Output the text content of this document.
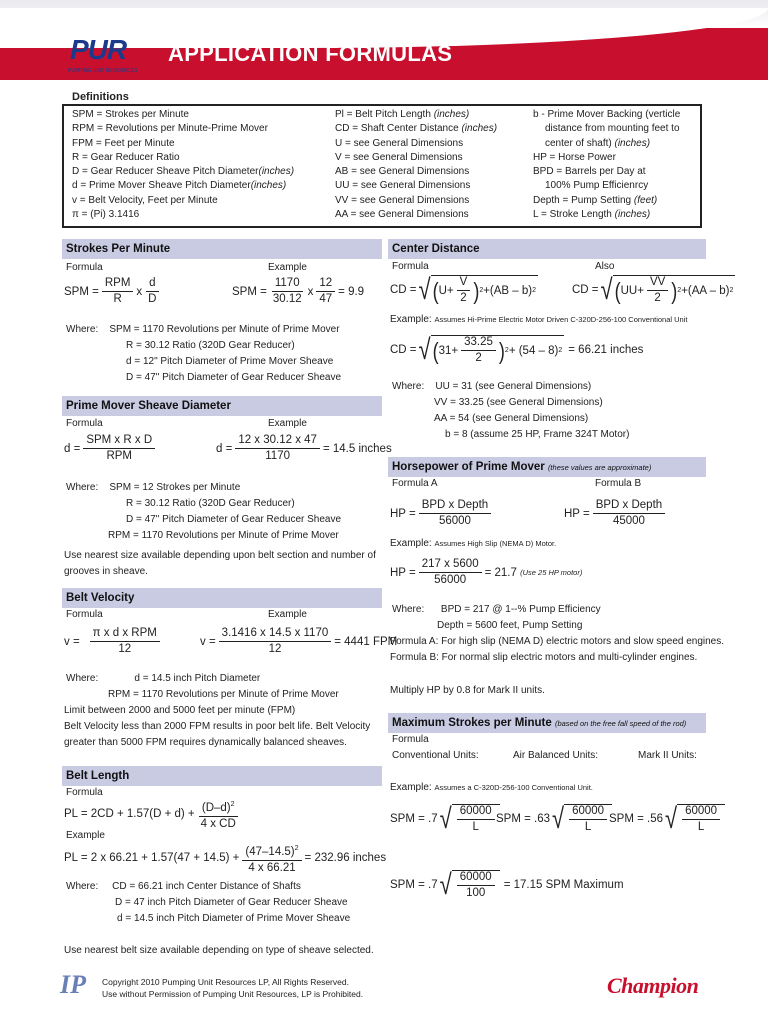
PUR
PUMPING UNIT RESOURCES
APPLICATION FORMULAS
Definitions
SPM = Strokes per Minute
RPM = Revolutions per Minute-Prime Mover
FPM = Feet per Minute
R = Gear Reducer Ratio
D = Gear Reducer Sheave Pitch Diameter(inches)
d = Prime Mover Sheave Pitch Diameter(inches)
v = Belt Velocity, Feet per Minute
π = (Pi) 3.1416
Pl = Belt Pitch Length (inches)
CD = Shaft Center Distance (inches)
U = see General Dimensions
V = see General Dimensions
AB = see General Dimensions
UU = see General Dimensions
VV = see General Dimensions
AA = see General Dimensions
b - Prime Mover Backing (verticle
distance from mounting feet to
center of shaft) (inches)
HP = Horse Power
BPD = Barrels per Day at
100% Pump Efficienrcy
Depth = Pump Setting (feet)
L = Stroke Length (inches)
Strokes Per Minute
Formula	Example
SPM = $\frac{\text{RPM}}{R}$ x $\frac{d}{D}$	SPM = $\frac{1170}{30.12}$ x $\frac{12}{47} = 9.9$
Where: SPM = 1170 Revolutions per Minute of Prime Mover
R = 30.12 Ratio (320D Gear Reducer)
d = 12" Pitch Diameter of Prime Mover Sheave
D = 47" Pitch Diameter of Gear Reducer Sheave
Prime Mover Sheave Diameter
Formula	Example
$d = \frac{\text{SPM x R x D}}{\text{RPM}}$	$d = \frac{12 x 30.12 x 47}{1170} = 14.5$ inches
Where: SPM = 12 Strokes per Minute
R = 30.12 Ratio (320D Gear Reducer)
D = 47" Pitch Diameter of Gear Reducer Sheave
RPM = 1170 Revolutions per Minute of Prime Mover
Use nearest size available depending upon belt section and number of
grooves in sheave.
Belt Velocity
Formula	Example
$v = \frac{\text{π x d x RPM}}{12}$	$v = \frac{3.1416 x 14.5 x 1170}{12} = 4441$ FPM
Where:	d = 14.5 inch Pitch Diameter
RPM = 1170 Revolutions per Minute of Prime Mover
Limit between 2000 and 5000 feet per minute (FPM)
Belt Velocity less than 2000 FPM results in poor belt life. Belt Velocity
greater than 5000 FPM requires dynamically balanced sheaves.
Belt Length
Formula
PL = $2CD + 1.57(D + d) + \frac{(D-d)^2}{\text{4 x CD}}$
Example
PL = 2 x $66.21 + 1.57(47 + 14.5) + \frac{(47-14.5)^2}{4 x 66.21} = 232.96$ inches
Where: CD = 66.21 inch Center Distance of Shafts
D = 47 inch Pitch Diameter of Gear Reducer Sheave
d = 14.5 inch Pitch Diameter of Prime Mover Sheave
Use nearest belt size available depending on type of sheave selected.
Center Distance
Formula	Also
CD = √ ( $U+ \frac{V}{2}$ ) 2 +(AB – b) 2	CD = √ ( $UU+ \frac{VV}{2}$ ) 2 +(AA – b) 2
Example: Assumes Hi-Prime Electric Motor Driven C-320D-256-100 Conventional Unit
CD = √ ( $31+ \frac{33.25}{2}$ ) 2 + (54 – 8) 2 = 66.21 inches
Where: UU = 31 (see General Dimensions)
VV = 33.25 (see General Dimensions)
AA = 54 (see General Dimensions)
b = 8 (assume 25 HP, Frame 324T Motor)
Horsepower of Prime Mover (these values are approximate)
Formula A	Formula B
HP = $\frac{\text{BPD x Depth}}{56000}$	HP = $\frac{\text{BPD x Depth}}{45000}$
Example: Assumes High Slip (NEMA D) Motor.
HP = $\frac{217 x 5600}{56000} = 21.7$
(Use 25 HP motor)
Where: BPD = 217 @ 1--% Pump Efficiency
Depth = 5600 feet, Pump Setting
Formula A: For high slip (NEMA D) electric motors and slow speed engines.
Formula B: For normal slip electric motors and multi-cylinder engines.
Multiply HP by 0.8 for Mark II units.
Maximum Strokes per Minute (based on the free fall speed of the rod)
Formula
Conventional Units:	Air Balanced Units:	Mark II Units:
Example: Assumes a C-320D-256-100 Conventional Unit.
SPM = .7 √ $\frac{60000}{L}$ SPM = .63 √ $\frac{60000}{L}$ SPM = .56 √ $\frac{60000}{L}$
SPM = .7 √ $\frac{60000}{100} = 17.15$ SPM Maximum
IP Copyright 2010 Pumping Unit Resources LP, All Rights Reserved.
Use without Permission of Pumping Unit Resources, LP is Prohibited.	Champion
